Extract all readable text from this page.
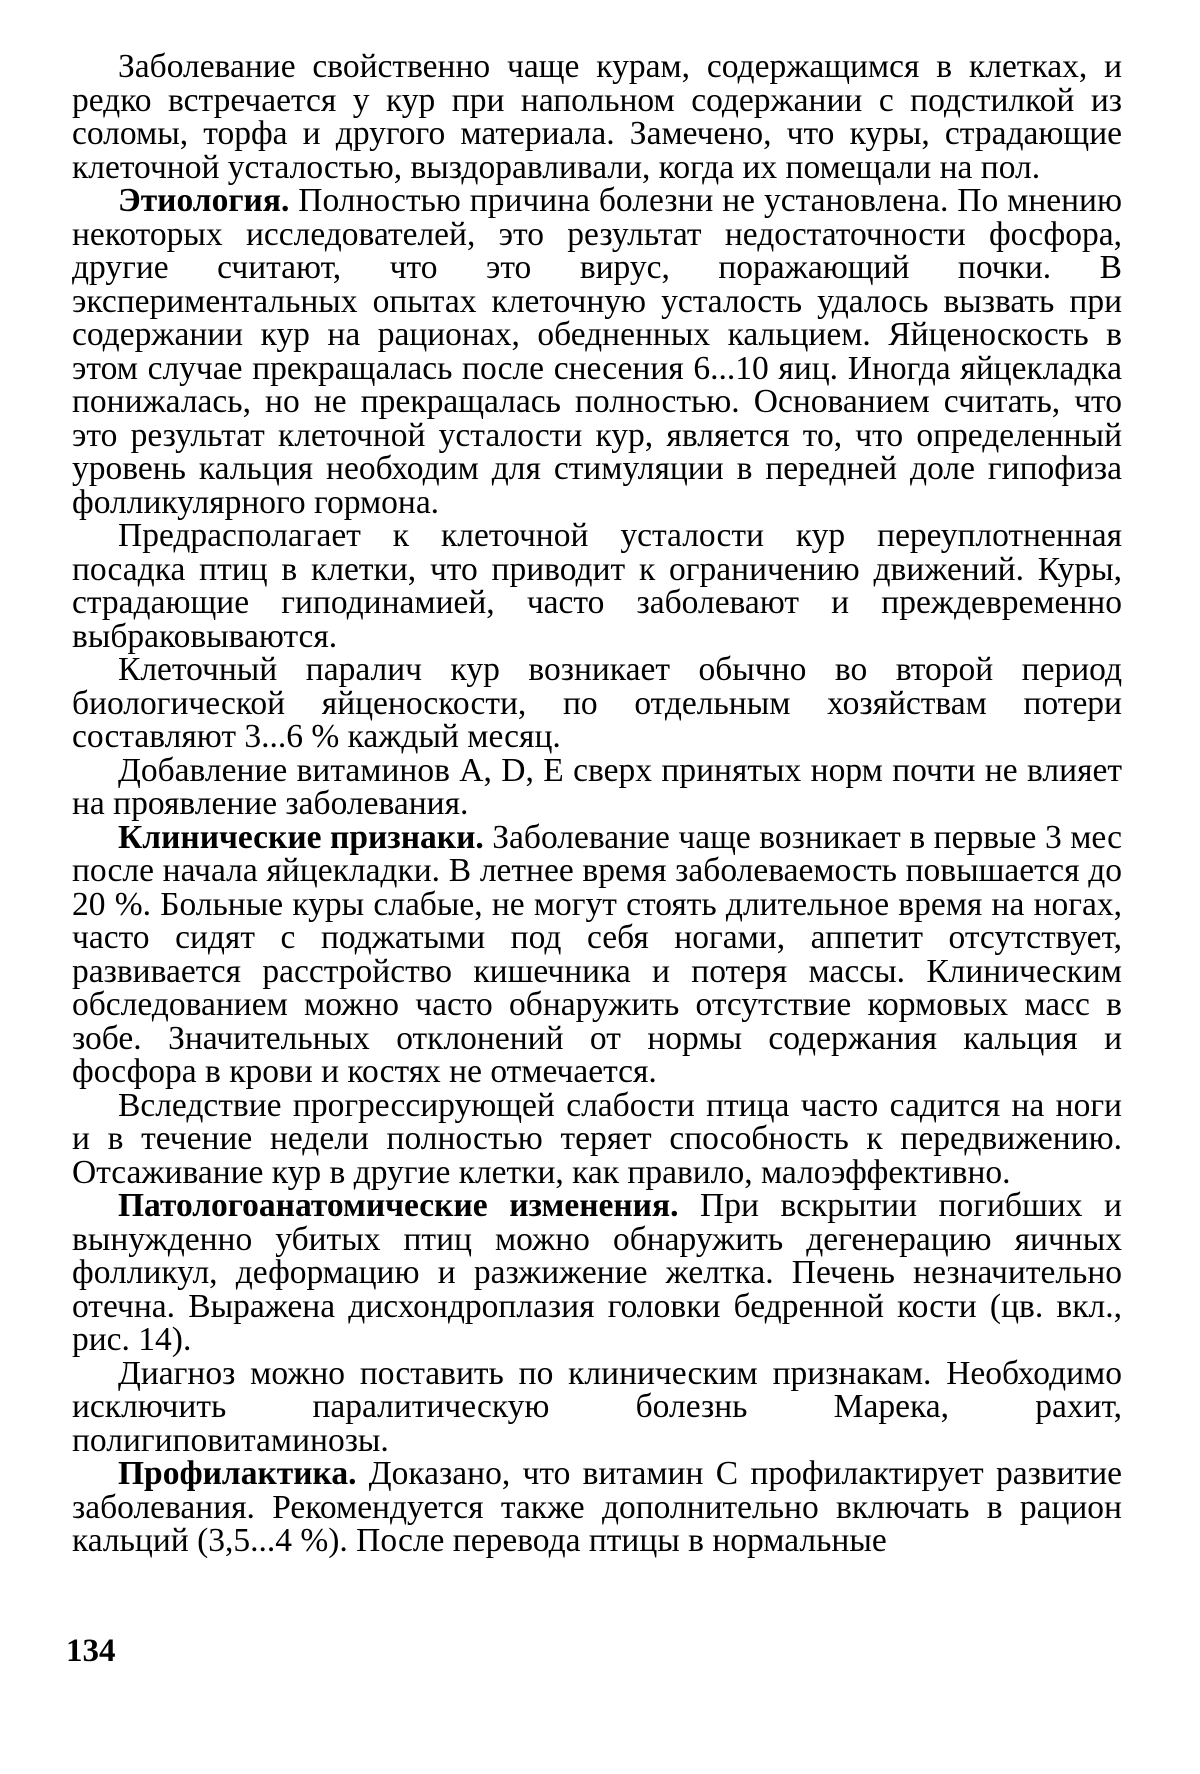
Заболевание свойственно чаще курам, содержащимся в клетках, и редко встречается у кур при напольном содержании с подстилкой из соломы, торфа и другого материала. Замечено, что куры, страдающие клеточной усталостью, выздоравливали, когда их помещали на пол.

Этиология. Полностью причина болезни не установлена. По мнению некоторых исследователей, это результат недостаточности фосфора, другие считают, что это вирус, поражающий почки. В экспериментальных опытах клеточную усталость удалось вызвать при содержании кур на рационах, обедненных кальцием. Яйценоскость в этом случае прекращалась после снесения 6...10 яиц. Иногда яйцекладка понижалась, но не прекращалась полностью. Основанием считать, что это результат клеточной усталости кур, является то, что определенный уровень кальция необходим для стимуляции в передней доле гипофиза фолликулярного гормона.

Предрасполагает к клеточной усталости кур переуплотненная посадка птиц в клетки, что приводит к ограничению движений. Куры, страдающие гиподинамией, часто заболевают и преждевременно выбраковываются.

Клеточный паралич кур возникает обычно во второй период биологической яйценоскости, по отдельным хозяйствам потери составляют 3...6 % каждый месяц.

Добавление витаминов A, D, E сверх принятых норм почти не влияет на проявление заболевания.

Клинические признаки. Заболевание чаще возникает в первые 3 мес после начала яйцекладки. В летнее время заболеваемость повышается до 20 %. Больные куры слабые, не могут стоять длительное время на ногах, часто сидят с поджатыми под себя ногами, аппетит отсутствует, развивается расстройство кишечника и потеря массы. Клиническим обследованием можно часто обнаружить отсутствие кормовых масс в зобе. Значительных отклонений от нормы содержания кальция и фосфора в крови и костях не отмечается.

Вследствие прогрессирующей слабости птица часто садится на ноги и в течение недели полностью теряет способность к передвижению. Отсаживание кур в другие клетки, как правило, малоэффективно.

Патологоанатомические изменения. При вскрытии погибших и вынужденно убитых птиц можно обнаружить дегенерацию яичных фолликул, деформацию и разжижение желтка. Печень незначительно отечна. Выражена дисхондроплазия головки бедренной кости (цв. вкл., рис. 14).

Диагноз можно поставить по клиническим признакам. Необходимо исключить паралитическую болезнь Марека, рахит, полигиповитаминозы.

Профилактика. Доказано, что витамин C профилактирует развитие заболевания. Рекомендуется также дополнительно включать в рацион кальций (3,5...4 %). После перевода птицы в нормальные

134
